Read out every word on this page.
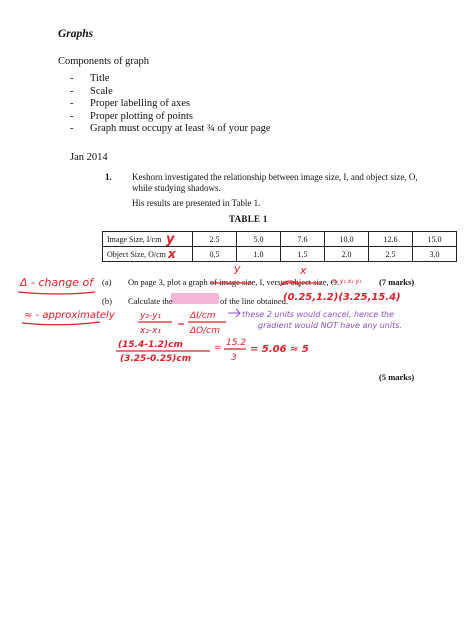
Graphs
Components of graph
- Title
- Scale
- Proper labelling of axes
- Proper plotting of points
- Graph must occupy at least ¾ of your page
Jan 2014
1. Keshorn investigated the relationship between image size, I, and object size, O, while studying shadows.
His results are presented in Table 1.
TABLE 1
Image Size, I/cm	2.5	5.0	7.6	10.0	12.6	15.0
Object Size, O/cm	0.5	1.0	1.5	2.0	2.5	3.0
(a) On page 3, plot a graph of image size, I, versus object size, O.	(7 marks)
(b) Calculate the	of the line obtained.
(5 marks)
y
x
Δ - change of
≈ - approximately
y	x
x₁ y₁ x₂ y₂
(0.25,1.2)(3.25,15.4)
y₂-y₁
x₂-x₁
ΔI/cm
ΔO/cm
(15.4-1.2)cm
(3.25-0.25)cm
= 15.2
3
= 5.06 ≈ 5
these 2 units would cancel, hence the
gradient would NOT have any units.
